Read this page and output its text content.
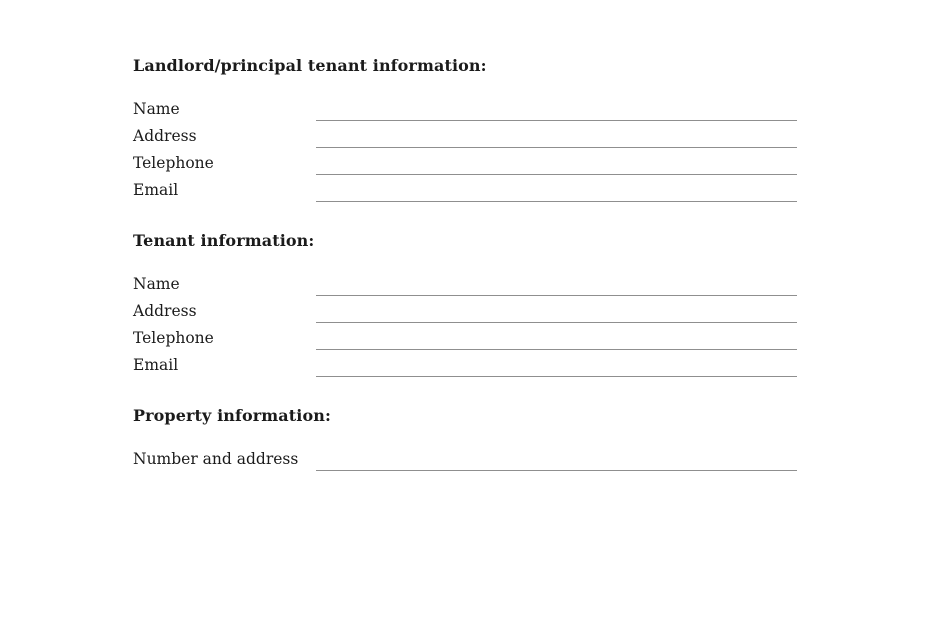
Landlord/principal tenant information:
Name
Address
Telephone
Email
Tenant information:
Name
Address
Telephone
Email
Property information:
Number and address
